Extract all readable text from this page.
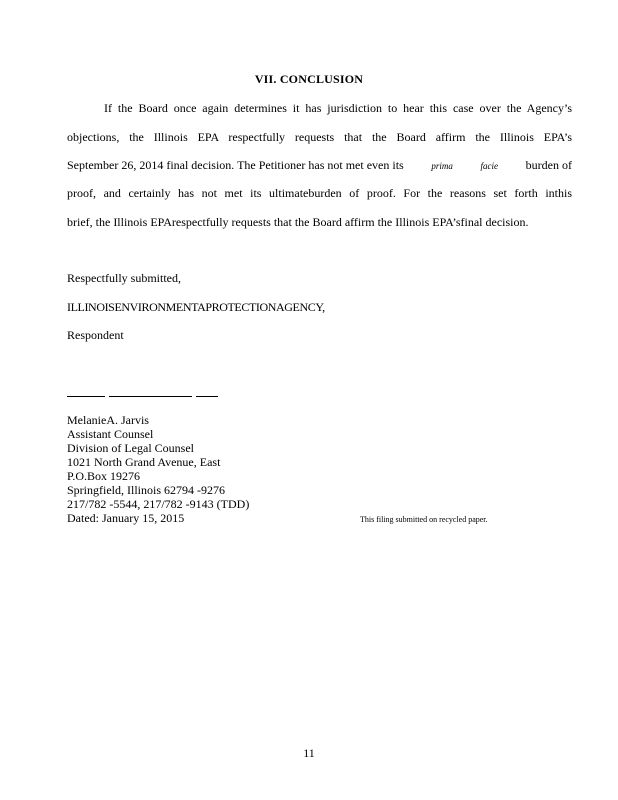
VII. CONCLUSION
If the Board once again determines it has jurisdiction to hear this case over the Agency’s
objections, the Illinois EPA respectfully requests that the Board affirm the Illinois EPA’s
September 26, 2014 final decision. The Petitioner has not met even its	prima	facie burden of
proof, and certainly has not met its ultimateburden of proof. For the reasons set forth inthis
brief, the Illinois EPArespectfully requests that the Board affirm the Illinois EPA’sfinal decision.
Respectfully submitted,
ILLINOISENVIRONMENTAPROTECTIONAGENCY,
Respondent
MelanieA. Jarvis
Assistant Counsel
Division of Legal Counsel
1021 North Grand Avenue, East
P.O.Box 19276
Springfield, Illinois 62794 -9276
217/782 -5544, 217/782 -9143 (TDD)
Dated: January 15, 2015	This filing submitted on recycled paper.
11
